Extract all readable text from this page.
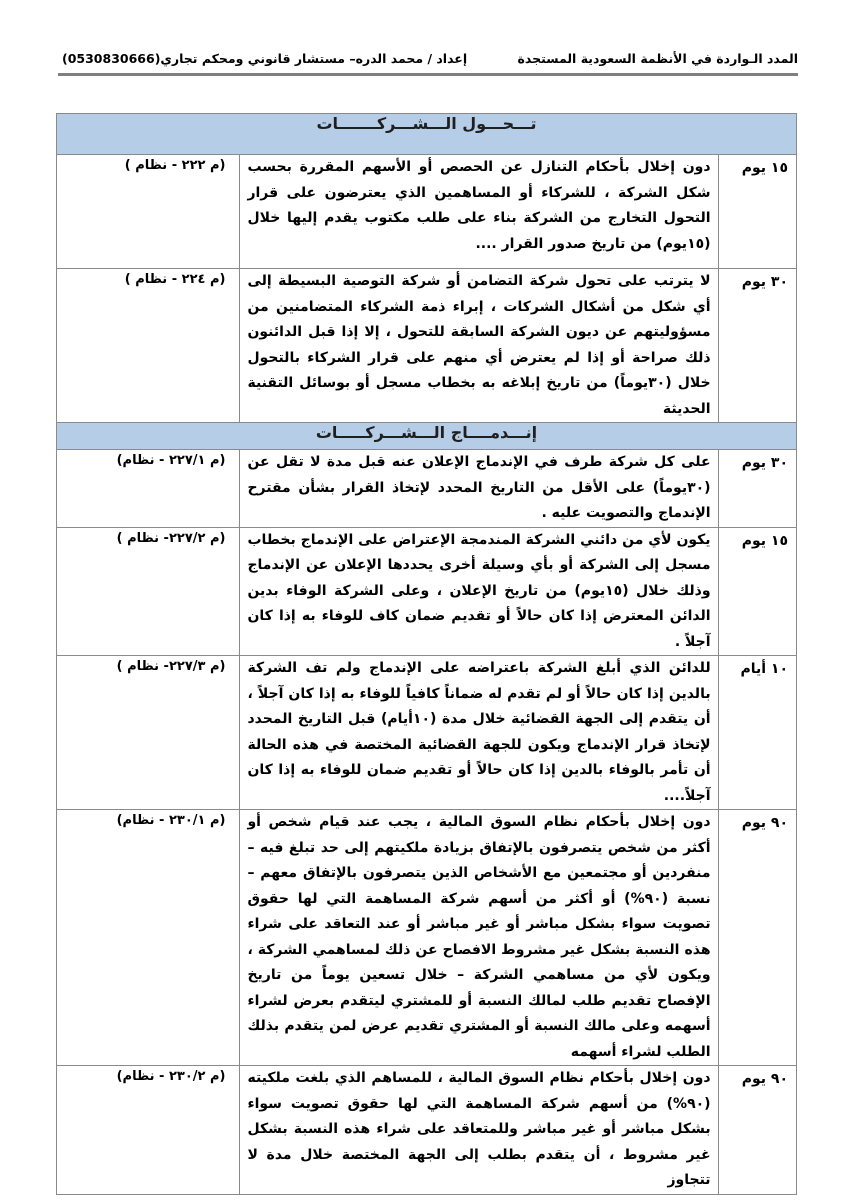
المدد الـواردة في الأنظمة السعودية المستجدة
إعداد / محمد الدره– مستشار قانوني ومحكم تجاري(0530830666)
تـــحـــول الـــشـــركـــــــات		
١٥ يوم	دون إخلال بأحكام التنازل عن الحصص أو الأسهم المقررة بحسب شكل الشركة ، للشركاء أو المساهمين الذي يعترضون على قرار التحول التخارج من الشركة بناء على طلب مكتوب يقدم إليها خلال (١٥يوم) من تاريخ صدور القرار ....	(م ٢٢٢ - نظام )
٣٠ يوم	لا يترتب على تحول شركة التضامن أو شركة التوصية البسيطة إلى أي شكل من أشكال الشركات ، إبراء ذمة الشركاء المتضامنين من مسؤوليتهم عن ديون الشركة السابقة للتحول ، إلا إذا قبل الدائنون ذلك صراحة أو إذا لم يعترض أي منهم على قرار الشركاء بالتحول خلال (٣٠يوماً) من تاريخ إبلاغه به بخطاب مسجل أو بوسائل التقنية الحديثة	(م ٢٢٤ - نظام )
إنـــدمــــاج الـــشـــركـــــات		
٣٠ يوم	على كل شركة طرف في الإندماج الإعلان عنه قبل مدة لا تقل عن (٣٠يوماً) على الأقل من التاريخ المحدد لإتخاذ القرار بشأن مقترح الإندماج والتصويت عليه .	(م ٢٢٧/١ - نظام)
١٥ يوم	يكون لأي من دائني الشركة المندمجة الإعتراض على الإندماج بخطاب مسجل إلى الشركة أو بأي وسيلة أخرى يحددها الإعلان عن الإندماج وذلك خلال (١٥يوم) من تاريخ الإعلان ، وعلى الشركة الوفاء بدين الدائن المعترض إذا كان حالاً أو تقديم ضمان كاف للوفاء به إذا كان آجلاً .	(م ٢٢٧/٢- نظام )
١٠ أيام	للدائن الذي أبلغ الشركة باعتراضه على الإندماج ولم تف الشركة بالدين إذا كان حالاً أو لم تقدم له ضماناً كافياً للوفاء به إذا كان آجلاً ، أن يتقدم إلى الجهة القضائية خلال مدة (١٠أيام) قبل التاريخ المحدد لإتخاذ قرار الإندماج ويكون للجهة القضائية المختصة في هذه الحالة أن تأمر بالوفاء بالدين إذا كان حالاً أو تقديم ضمان للوفاء به إذا كان آجلاً....	(م ٢٢٧/٣- نظام )
٩٠ يوم	دون إخلال بأحكام نظام السوق المالية ، يجب عند قيام شخص أو أكثر من شخص يتصرفون بالإتفاق بزيادة ملكيتهم إلى حد تبلغ فيه – منفردين أو مجتمعين مع الأشخاص الذين يتصرفون بالإتفاق معهم – نسبة (٩٠%) أو أكثر من أسهم شركة المساهمة التي لها حقوق تصويت سواء بشكل مباشر أو غير مباشر أو عند التعاقد على شراء هذه النسبة بشكل غير مشروط الافصاح عن ذلك لمساهمي الشركة ، ويكون لأي من مساهمي الشركة – خلال تسعين يوماً من تاريخ الإفصاح تقديم طلب لمالك النسبة أو للمشتري ليتقدم بعرض لشراء أسهمه وعلى مالك النسبة أو المشتري تقديم عرض لمن يتقدم بذلك الطلب لشراء أسهمه	(م ٢٣٠/١ - نظام)
٩٠ يوم	دون إخلال بأحكام نظام السوق المالية ، للمساهم الذي بلغت ملكيته (٩٠%) من أسهم شركة المساهمة التي لها حقوق تصويت سواء بشكل مباشر أو غير مباشر وللمتعاقد على شراء هذه النسبة بشكل غير مشروط ، أن يتقدم بطلب إلى الجهة المختصة خلال مدة لا تتجاوز	(م ٢٣٠/٢ - نظام)
